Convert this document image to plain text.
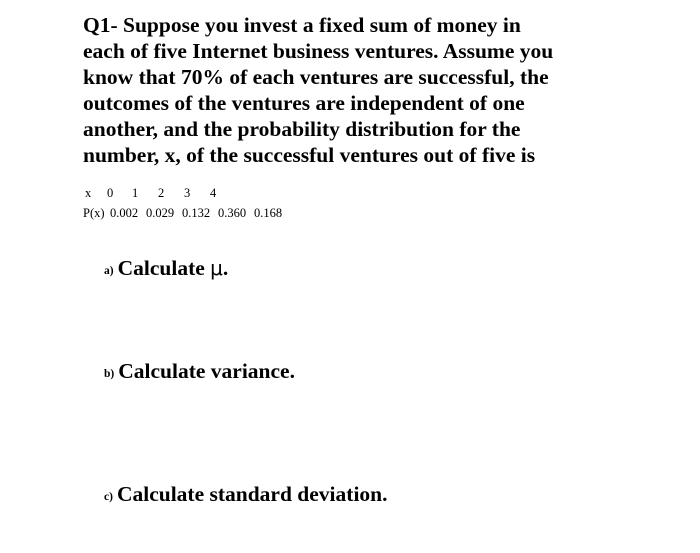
Q1- Suppose you invest a fixed sum of money in
each of five Internet business ventures. Assume you
know that 70% of each ventures are successful, the
outcomes of the ventures are independent of one
another, and the probability distribution for the
number, x, of the successful ventures out of five is
x 0 1 2 3 4
P(x) 0.002 0.029 0.132 0.360 0.168
a) Calculate μ.
b) Calculate variance.
c) Calculate standard deviation.
